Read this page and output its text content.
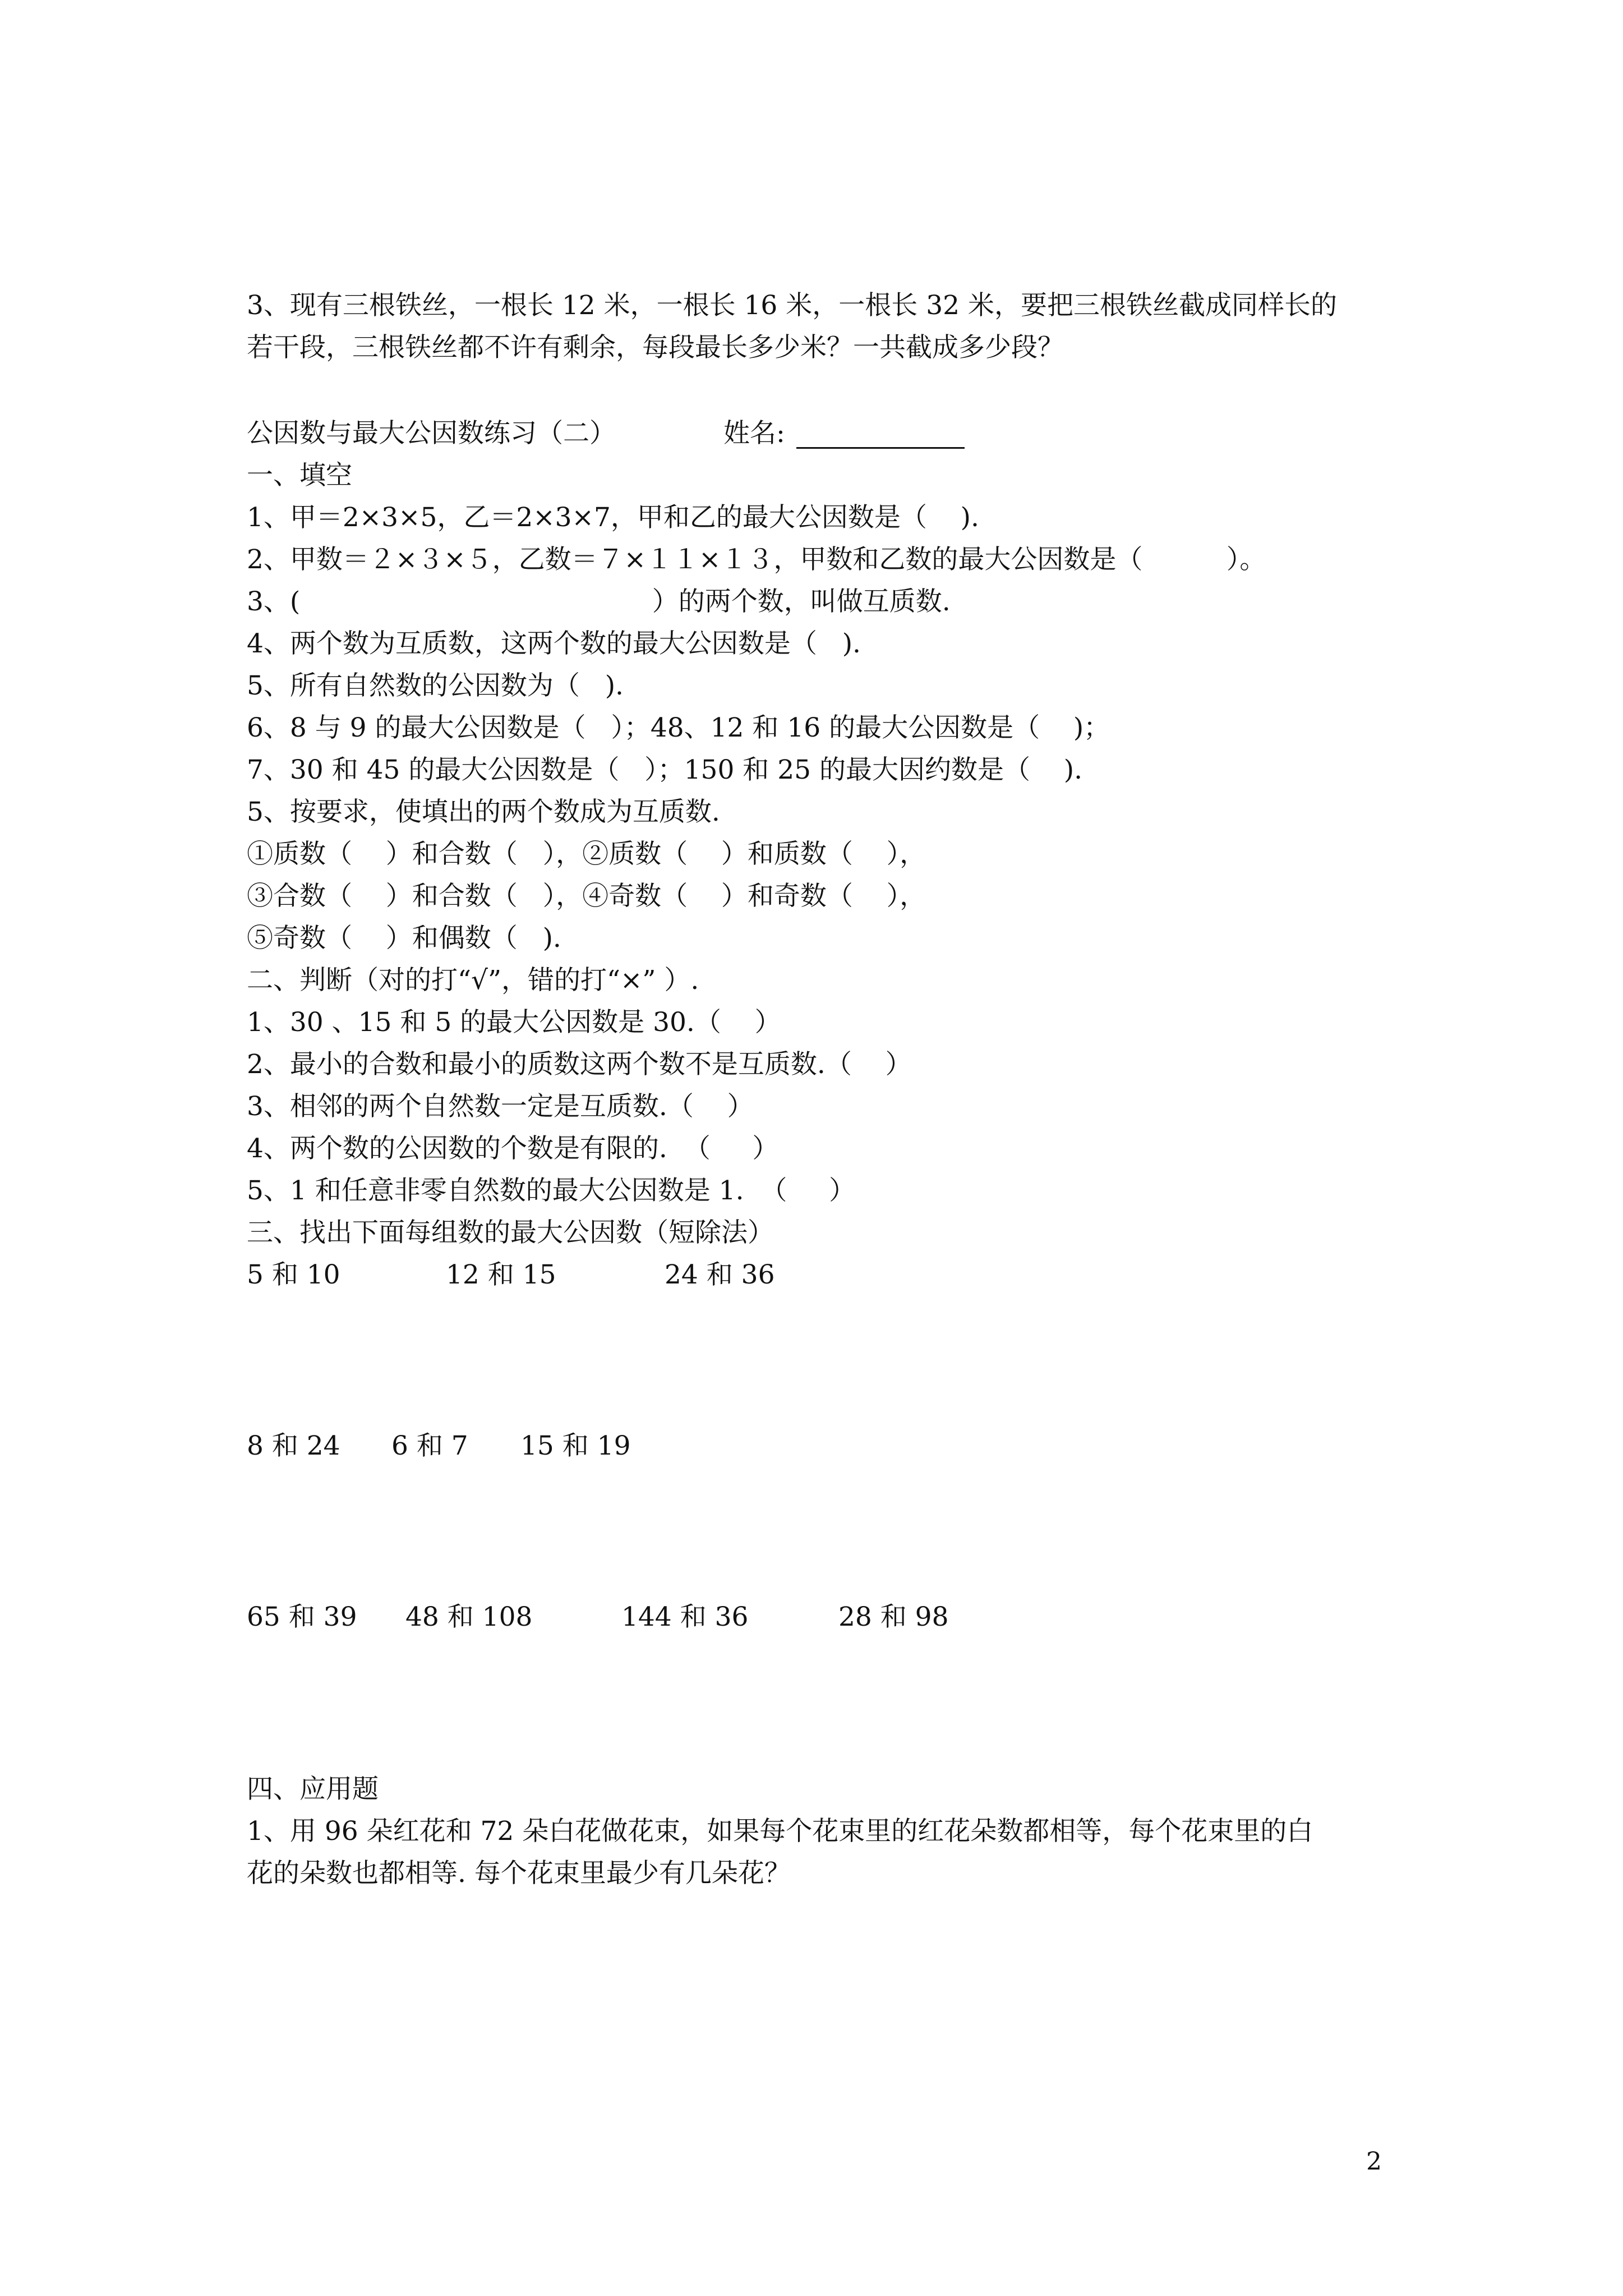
3、现有三根铁丝，一根长 12 米，一根长 16 米，一根长 32 米，要把三根铁丝截成同样长的

若干段，三根铁丝都不许有剩余，每段最长多少米？一共截成多少段？

公因数与最大公因数练习（二）	姓名:

一、填空

1、甲＝2×3×5，乙＝2×3×7，甲和乙的最大公因数是（    ).

2、甲数＝２×３×５，乙数＝７×１１×１３，甲数和乙数的最大公因数是（          ）。

3、(                                          ）的两个数，叫做互质数.

4、两个数为互质数，这两个数的最大公因数是（   ).

5、所有自然数的公因数为（   ).

6、8 与 9 的最大公因数是（   ）；48、12 和 16 的最大公因数是（    )；

7、30 和 45 的最大公因数是（   ）；150 和 25 的最大因约数是（    ).

5、按要求，使填出的两个数成为互质数.

①质数（    ）和合数（   ），②质数（    ）和质数（    ），

③合数（    ）和合数（   ），④奇数（    ）和奇数（    ），

⑤奇数（    ）和偶数（   ).

二、判断（对的打“√”，错的打“×” ）.

1、30 、15 和 5 的最大公因数是 30.（    ）

2、最小的合数和最小的质数这两个数不是互质数.（    ）

3、相邻的两个自然数一定是互质数.（    ）

4、两个数的公因数的个数是有限的.  （     ）

5、1 和任意非零自然数的最大公因数是 1.  （     ）

三、找出下面每组数的最大公因数（短除法）

5 和 10

	12 和 15

	24 和 36

8 和 24

6 和 7

15 和 19

65 和 39

48 和 108

	144 和 36

	28 和 98

四、应用题

1、用 96 朵红花和 72 朵白花做花束，如果每个花束里的红花朵数都相等，每个花束里的白

花的朵数也都相等. 每个花束里最少有几朵花？

2
